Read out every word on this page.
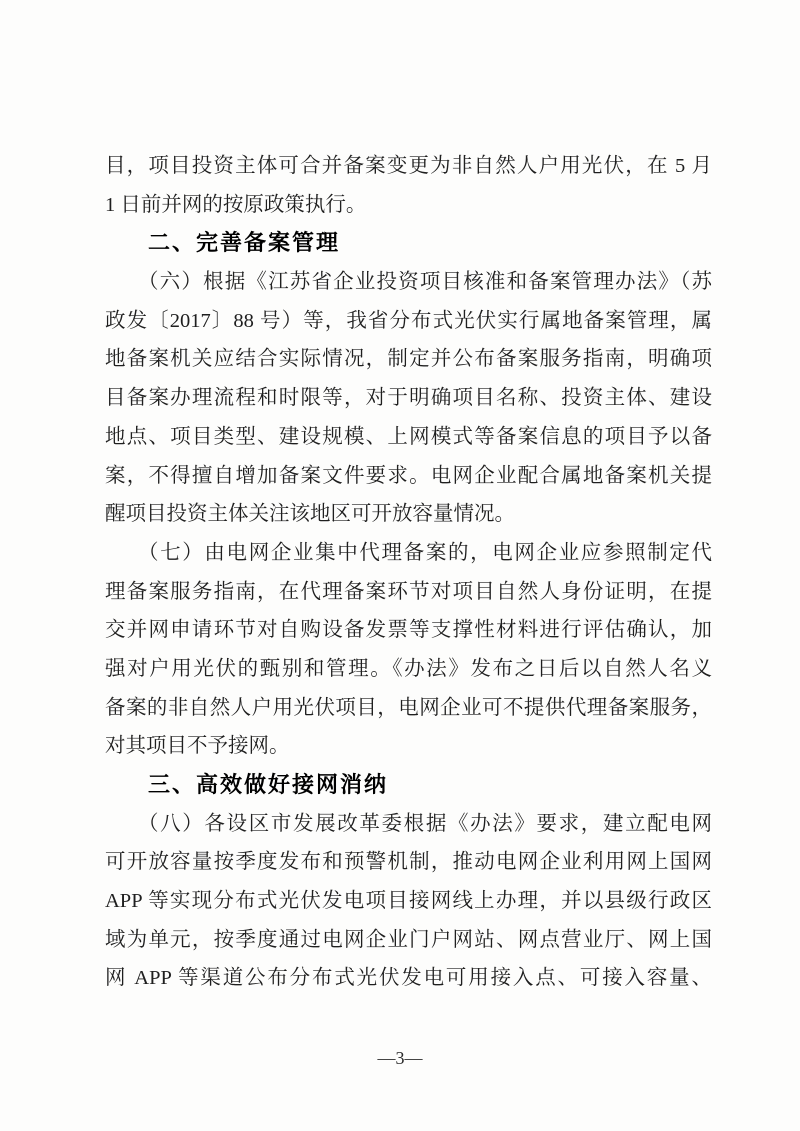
目，项目投资主体可合并备案变更为非自然人户用光伏，在 5 月
1 日前并网的按原政策执行。
二、完善备案管理
（六）根据《江苏省企业投资项目核准和备案管理办法》（苏
政发〔2017〕88 号）等，我省分布式光伏实行属地备案管理，属
地备案机关应结合实际情况，制定并公布备案服务指南，明确项
目备案办理流程和时限等，对于明确项目名称、投资主体、建设
地点、项目类型、建设规模、上网模式等备案信息的项目予以备
案，不得擅自增加备案文件要求。电网企业配合属地备案机关提
醒项目投资主体关注该地区可开放容量情况。
（七）由电网企业集中代理备案的，电网企业应参照制定代
理备案服务指南，在代理备案环节对项目自然人身份证明，在提
交并网申请环节对自购设备发票等支撑性材料进行评估确认，加
强对户用光伏的甄别和管理。《办法》发布之日后以自然人名义
备案的非自然人户用光伏项目，电网企业可不提供代理备案服务，
对其项目不予接网。
三、高效做好接网消纳
（八）各设区市发展改革委根据《办法》要求，建立配电网
可开放容量按季度发布和预警机制，推动电网企业利用网上国网
APP 等实现分布式光伏发电项目接网线上办理，并以县级行政区
域为单元，按季度通过电网企业门户网站、网点营业厅、网上国
网 APP 等渠道公布分布式光伏发电可用接入点、可接入容量、
—3—
